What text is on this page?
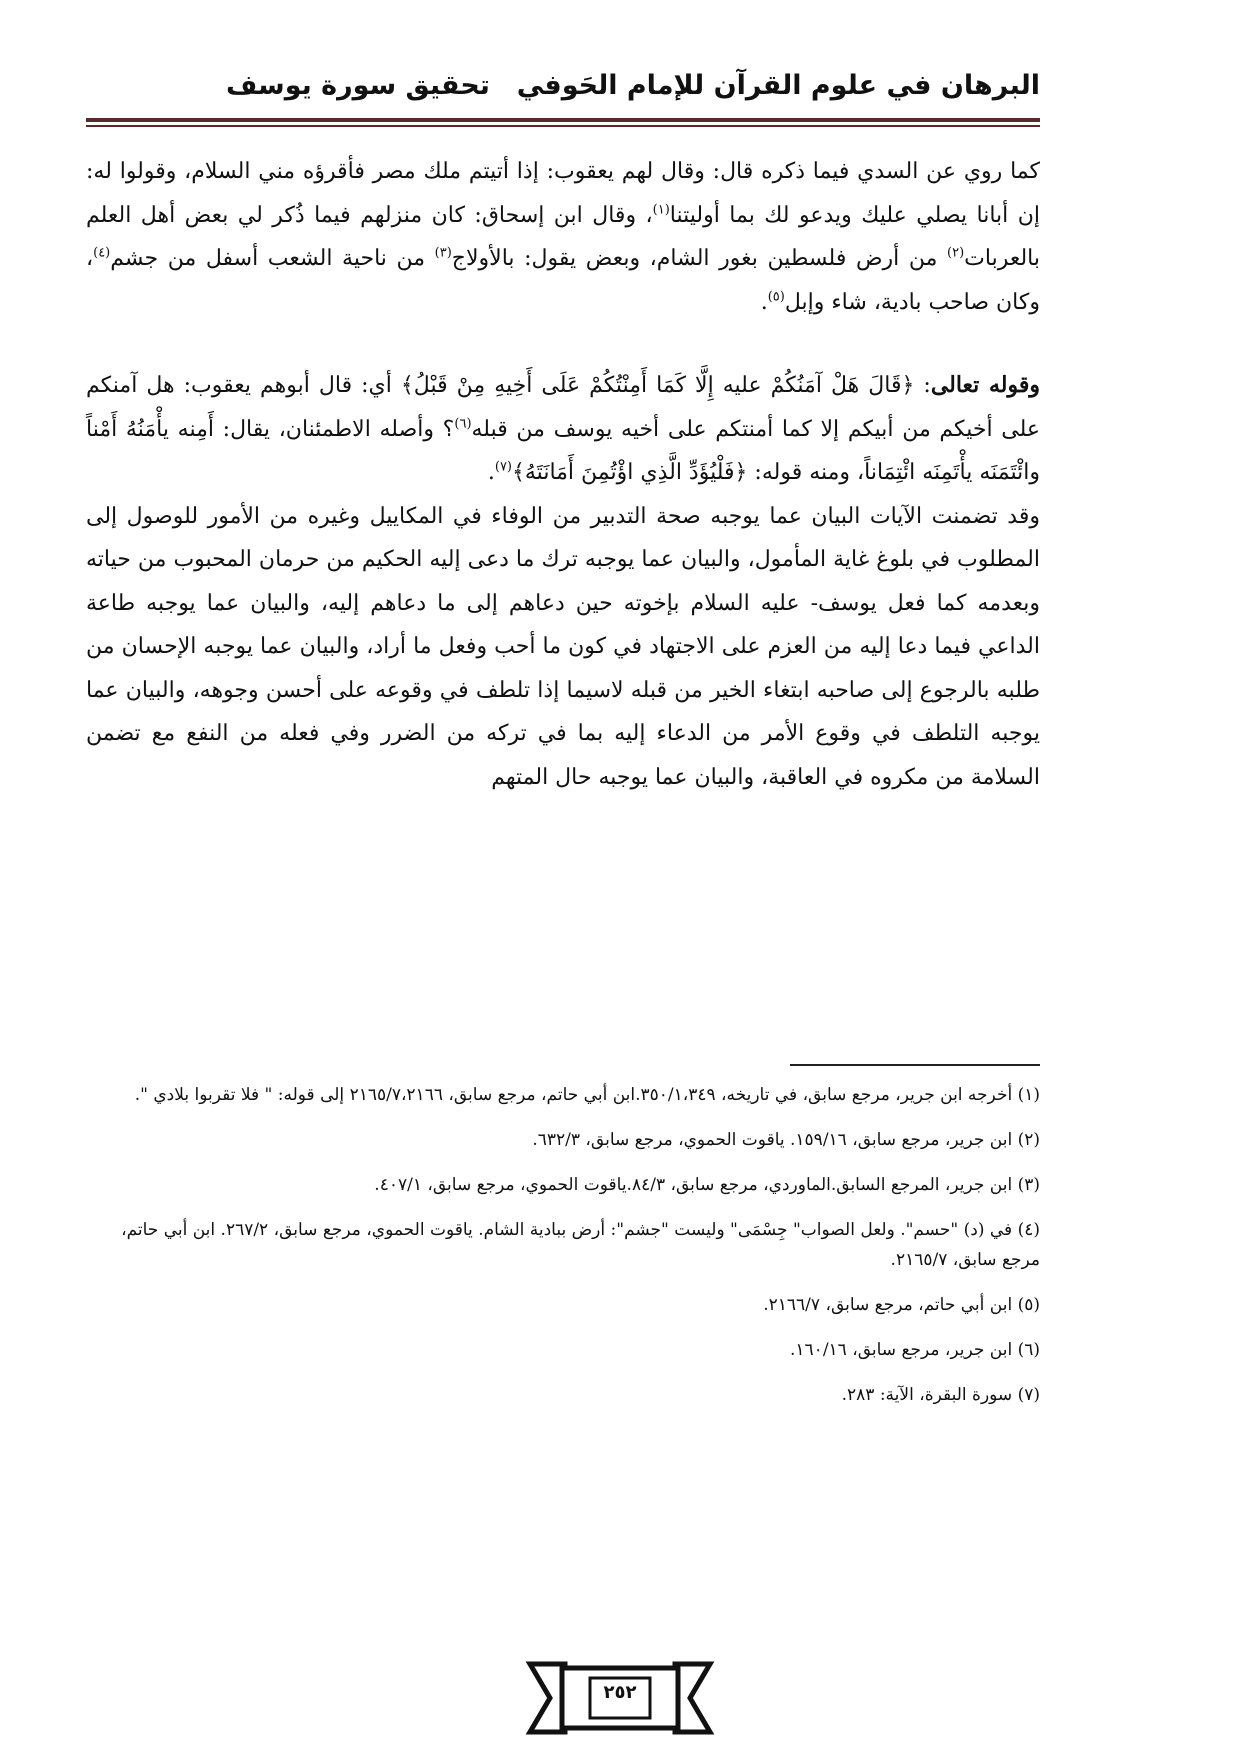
البرهان في علوم القرآن للإمام الحَوفي
تحقيق سورة يوسف

كما روي عن السدي فيما ذكره قال: وقال لهم يعقوب: إذا أتيتم ملك مصر فأقرؤه مني السلام، وقولوا له: إن أبانا يصلي عليك ويدعو لك بما أوليتنا$^{(١)}$، وقال ابن إسحاق: كان منزلهم فيما ذُكر لي بعض أهل العلم بالعربات$^{(٢)}$ من أرض فلسطين بغور الشام، وبعض يقول: بالأولاج$^{(٣)}$ من ناحية الشعب أسفل من جشم$^{(٤)}$، وكان صاحب بادية، شاء وإبل$^{(٥)}$.

وقوله تعالى: ﴿قَالَ هَلْ آمَنُكُمْ عليه إِلَّا كَمَا أَمِنْتُكُمْ عَلَى أَخِيهِ مِنْ قَبْلُ﴾ أي: قال أبوهم يعقوب: هل آمنكم على أخيكم من أبيكم إلا كما أمنتكم على أخيه يوسف من قبله$^{(٦)}$؟ وأصله الاطمئنان، يقال: أَمِنه يأْمَنُهُ أَمْناً وائْتَمَنَه يأْتَمِنَه ائْتِمَاناً، ومنه قوله: ﴿فَلْيُؤَدِّ الَّذِي اؤْتُمِنَ أَمَانَتَهُ﴾$^{(٧)}$.

وقد تضمنت الآيات البيان عما يوجبه صحة التدبير من الوفاء في المكاييل وغيره من الأمور للوصول إلى المطلوب في بلوغ غاية المأمول، والبيان عما يوجبه ترك ما دعى إليه الحكيم من حرمان المحبوب من حياته وبعدمه كما فعل يوسف- عليه السلام بإخوته حين دعاهم إلى ما دعاهم إليه، والبيان عما يوجبه طاعة الداعي فيما دعا إليه من العزم على الاجتهاد في كون ما أحب وفعل ما أراد، والبيان عما يوجبه الإحسان من طلبه بالرجوع إلى صاحبه ابتغاء الخير من قبله لاسيما إذا تلطف في وقوعه على أحسن وجوهه، والبيان عما يوجبه التلطف في وقوع الأمر من الدعاء إليه بما في تركه من الضرر وفي فعله من النفع مع تضمن السلامة من مكروه في العاقبة، والبيان عما يوجبه حال المتهم

(١) أخرجه ابن جرير، مرجع سابق، في تاريخه، ٣٥٠/١،٣٤٩.ابن أبي حاتم، مرجع سابق، ٢١٦٥/٧،٢١٦٦ إلى قوله: " فلا تقربوا بلادي ".

(٢) ابن جرير، مرجع سابق، ١٥٩/١٦. ياقوت الحموي، مرجع سابق، ٦٣٢/٣.

(٣) ابن جرير، المرجع السابق.الماوردي، مرجع سابق، ٨٤/٣.ياقوت الحموي، مرجع سابق، ٤٠٧/١.

(٤) في (د) "حسم". ولعل الصواب" جِسْمَى" وليست "جشم": أرض ببادية الشام. ياقوت الحموي، مرجع سابق، ٢٦٧/٢. ابن أبي حاتم، مرجع سابق، ٢١٦٥/٧.

(٥) ابن أبي حاتم، مرجع سابق، ٢١٦٦/٧.

(٦) ابن جرير، مرجع سابق، ١٦٠/١٦.

(٧) سورة البقرة، الآية: ٢٨٣.

٢٥٢
